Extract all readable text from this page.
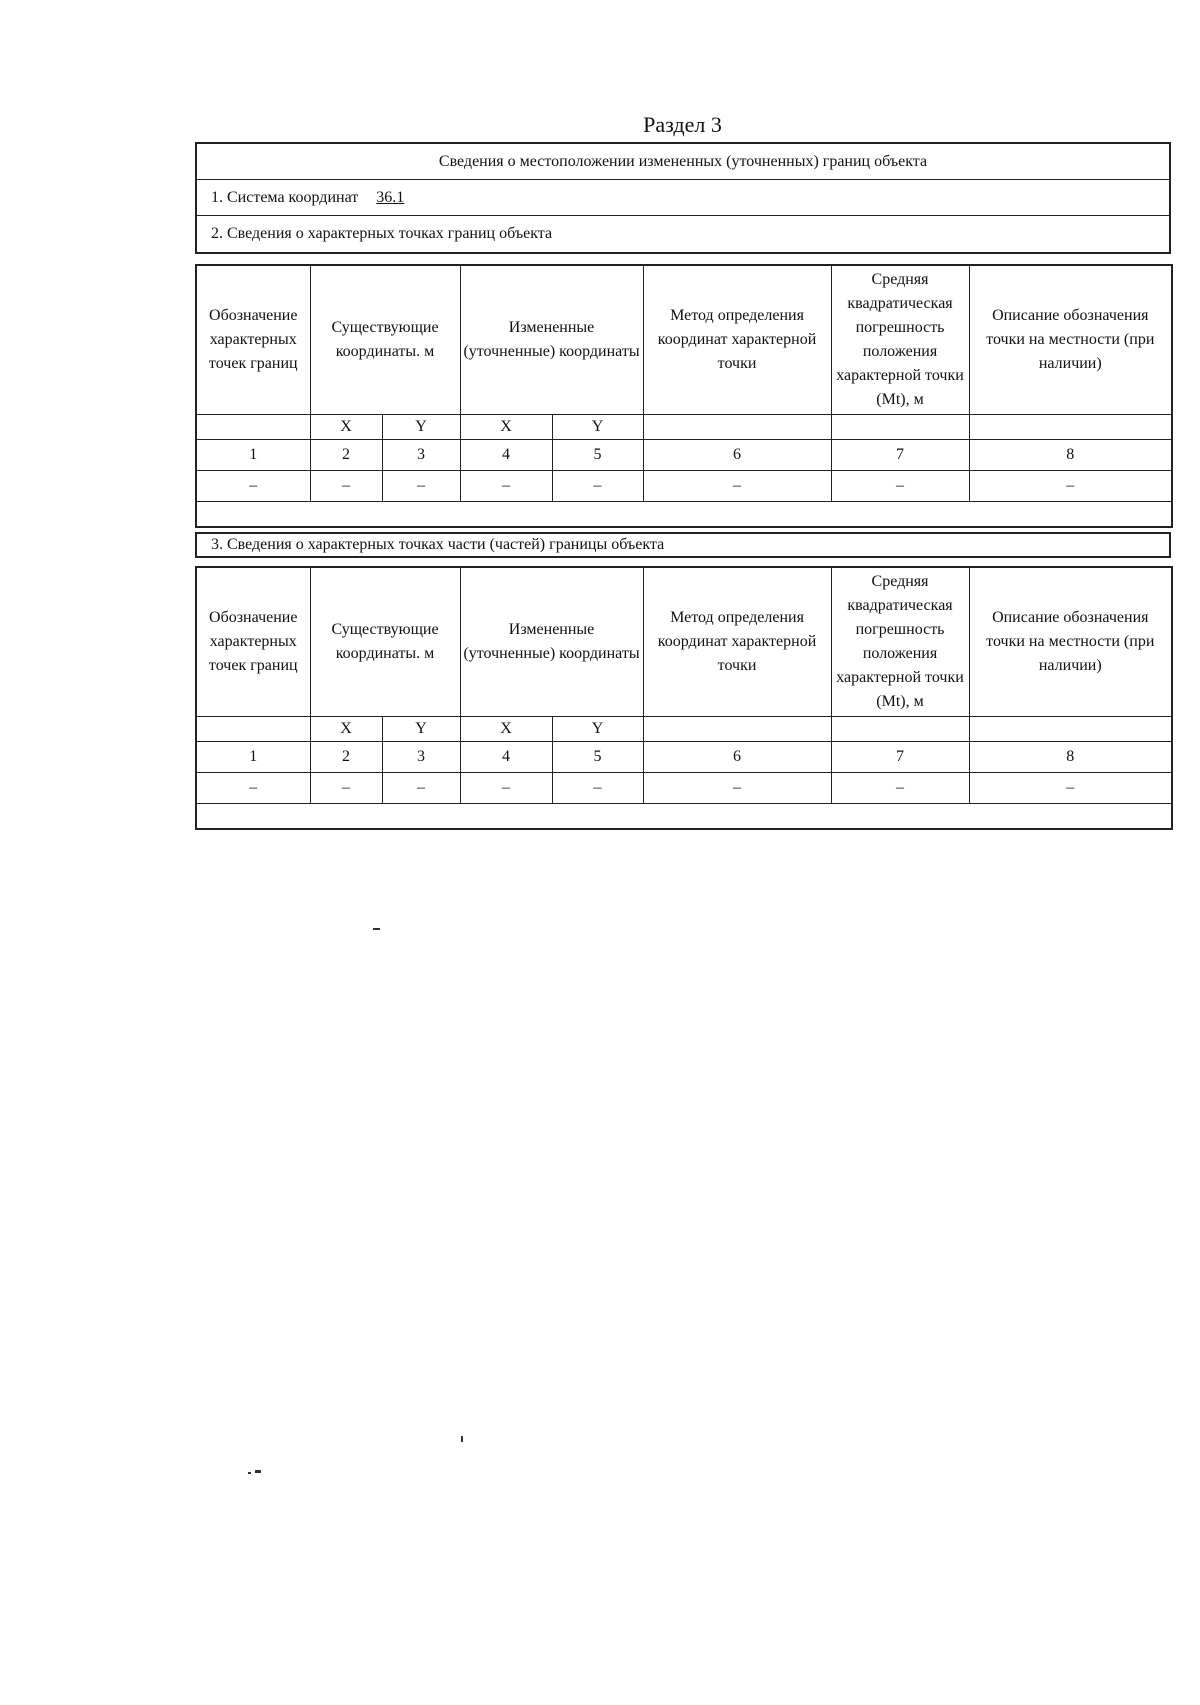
Раздел 3
Сведения о местоположении измененных (уточненных) границ объекта
1. Система координат 36.1
2. Сведения о характерных точках границ объекта
Обозначение характерных точек границ	Существующие координаты. м		Измененные (уточненные) координаты		Метод определения координат характерной точки	Средняя квадратическая погрешность положения характерной точки (Mt), м	Описание обозначения точки на местности (при наличии)
	X	Y	X	Y			
1	2	3	4	5	6	7	8
–	–	–	–	–	–	–	–

3. Сведения о характерных точках части (частей) границы объекта
Обозначение характерных точек границ	Существующие координаты. м		Измененные (уточненные) координаты		Метод определения координат характерной точки	Средняя квадратическая погрешность положения характерной точки (Mt), м	Описание обозначения точки на местности (при наличии)
	X	Y	X	Y			
1	2	3	4	5	6	7	8
–	–	–	–	–	–	–	–
